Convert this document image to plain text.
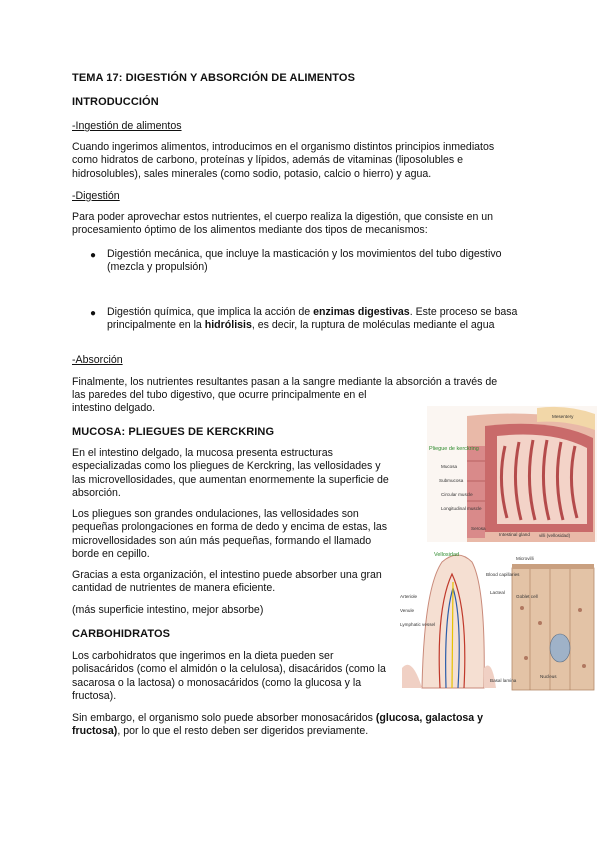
TEMA 17: DIGESTIÓN Y ABSORCIÓN DE ALIMENTOS
INTRODUCCIÓN
-Ingestión de alimentos

Cuando ingerimos alimentos, introducimos en el organismo distintos principios inmediatos como hidratos de carbono, proteínas y lípidos, además de vitaminas (liposolubles e hidrosolubles), sales minerales (como sodio, potasio, calcio o hierro) y agua.

-Digestión

Para poder aprovechar estos nutrientes, el cuerpo realiza la digestión, que consiste en un procesamiento óptimo de los alimentos mediante dos tipos de mecanismos:

● Digestión mecánica, que incluye la masticación y los movimientos del tubo digestivo (mezcla y propulsión)

● Digestión química, que implica la acción de enzimas digestivas. Este proceso se basa principalmente en la hidrólisis, es decir, la ruptura de moléculas mediante el agua

-Absorción
Finalmente, los nutrientes resultantes pasan a la sangre mediante la absorción a través de
las paredes del tubo digestivo, que ocurre principalmente en el
intestino delgado.
MUCOSA: PLIEGUES DE KERCKRING

En el intestino delgado, la mucosa presenta estructuras especializadas como los pliegues de Kerckring, las vellosidades y las microvellosidades, que aumentan enormemente la superficie de absorción.

Los pliegues son grandes ondulaciones, las vellosidades son pequeñas prolongaciones en forma de dedo y encima de estas, las microvellosidades son aún más pequeñas, formando el llamado borde en cepillo.

Gracias a esta organización, el intestino puede absorber una gran cantidad de nutrientes de manera eficiente.

(más superficie intestino, mejor absorbe)
CARBOHIDRATOS

Los carbohidratos que ingerimos en la dieta pueden ser polisacáridos (como el almidón o la celulosa), disacáridos (como la sacarosa o la lactosa) o monosacáridos (como la glucosa y la fructosa).

Sin embargo, el organismo solo puede absorber monosacáridos (glucosa, galactosa y fructosa), por lo que el resto deben ser digeridos previamente.

Mesentery
Pliegue de kerckring
Mucosa
Submucosa
Circular muscle
Longitudinal muscle
Serosa
Intestinal gland villi (vellosidad)
Vellosidad
Blood capillaries
Lacteal
Arteriole
Venule
Lymphatic vessel
Microvilli
Goblet cell
Nucleus
Basal lamina
